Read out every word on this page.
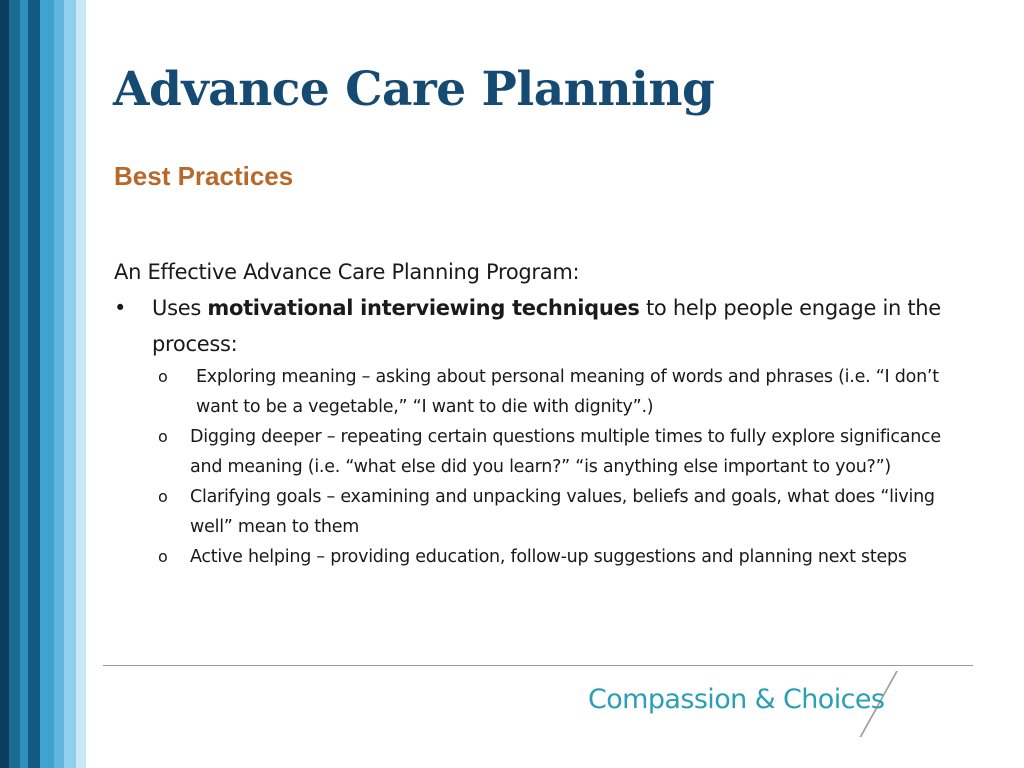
Advance Care Planning
Best Practices

An Effective Advance Care Planning Program:

• Uses motivational interviewing techniques to help people engage in the process:
o Exploring meaning – asking about personal meaning of words and phrases (i.e. “I don’t want to be a vegetable,” “I want to die with dignity”.)
o Digging deeper – repeating certain questions multiple times to fully explore significance and meaning (i.e. “what else did you learn?” “is anything else important to you?”)
o Clarifying goals – examining and unpacking values, beliefs and goals, what does “living well” mean to them
o Active helping – providing education, follow-up suggestions and planning next steps
Compassion & Choices
